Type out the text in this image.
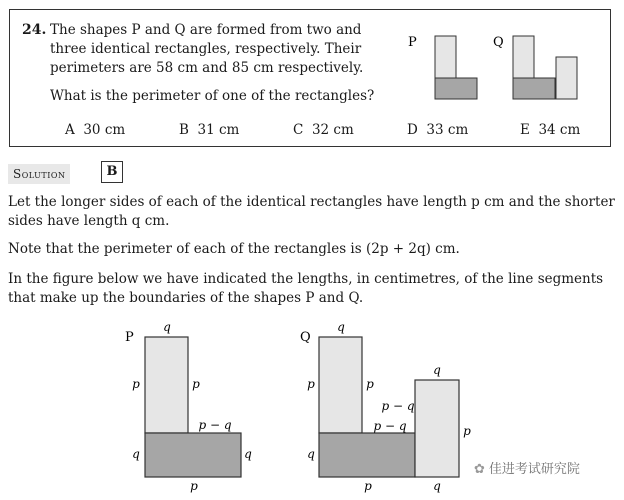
24. The shapes P and Q are formed from two and three identical rectangles, respectively. Their perimeters are 58 cm and 85 cm respectively.
What is the perimeter of one of the rectangles?
A 30 cm	B 31 cm	C 32 cm	D 33 cm	E 34 cm
P	Q
Solution	B
Let the longer sides of each of the identical rectangles have length p cm and the shorter sides have length q cm.
Note that the perimeter of each of the rectangles is (2p + 2q) cm.
In the figure below we have indicated the lengths, in centimetres, of the line segments that make up the boundaries of the shapes P and Q.
P
q
p	p
p − q
q	q
p
Q
q
p	p
q
p − q
p − q	p
q
p	q
✿ 佳进考试研究院
